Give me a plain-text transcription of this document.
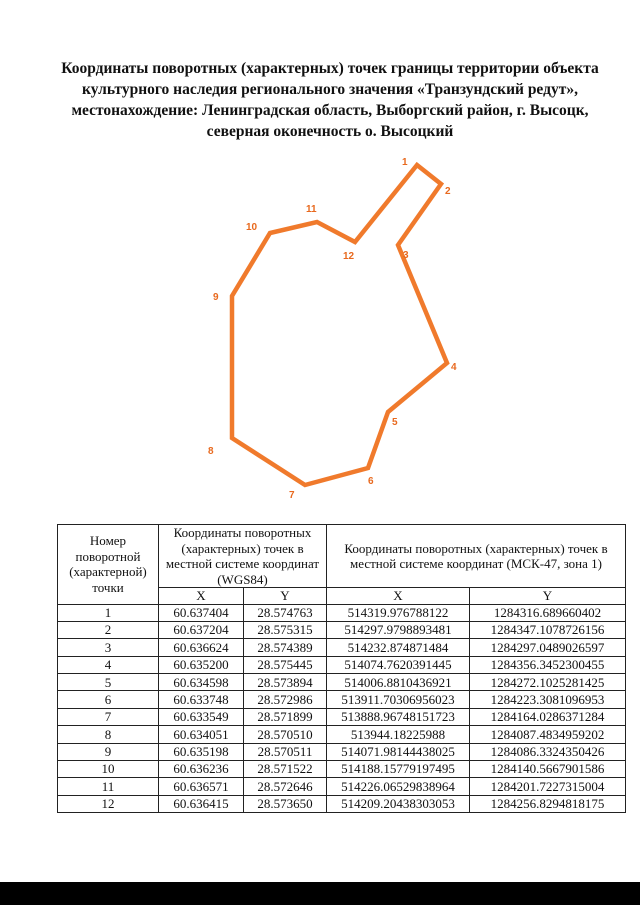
Координаты поворотных (характерных) точек границы территории объекта
культурного наследия регионального значения «Транзундский редут»,
местонахождение: Ленинградская область, Выборгский район, г. Высоцк,
северная оконечность о. Высоцкий
1
2
3
4
5
6
7
8
9
10
11
12
Номер поворотной (характерной) точки	Координаты поворотных (характерных) точек в местной системе координат (WGS84)		Координаты поворотных (характерных) точек в местной системе координат (МСК-47, зона 1)	
	X	Y	X	Y
1	60.637404	28.574763	514319.976788122	1284316.689660402
2	60.637204	28.575315	514297.9798893481	1284347.1078726156
3	60.636624	28.574389	514232.874871484	1284297.0489026597
4	60.635200	28.575445	514074.7620391445	1284356.3452300455
5	60.634598	28.573894	514006.8810436921	1284272.1025281425
6	60.633748	28.572986	513911.70306956023	1284223.3081096953
7	60.633549	28.571899	513888.96748151723	1284164.0286371284
8	60.634051	28.570510	513944.18225988	1284087.4834959202
9	60.635198	28.570511	514071.98144438025	1284086.3324350426
10	60.636236	28.571522	514188.15779197495	1284140.5667901586
11	60.636571	28.572646	514226.06529838964	1284201.7227315004
12	60.636415	28.573650	514209.20438303053	1284256.8294818175
